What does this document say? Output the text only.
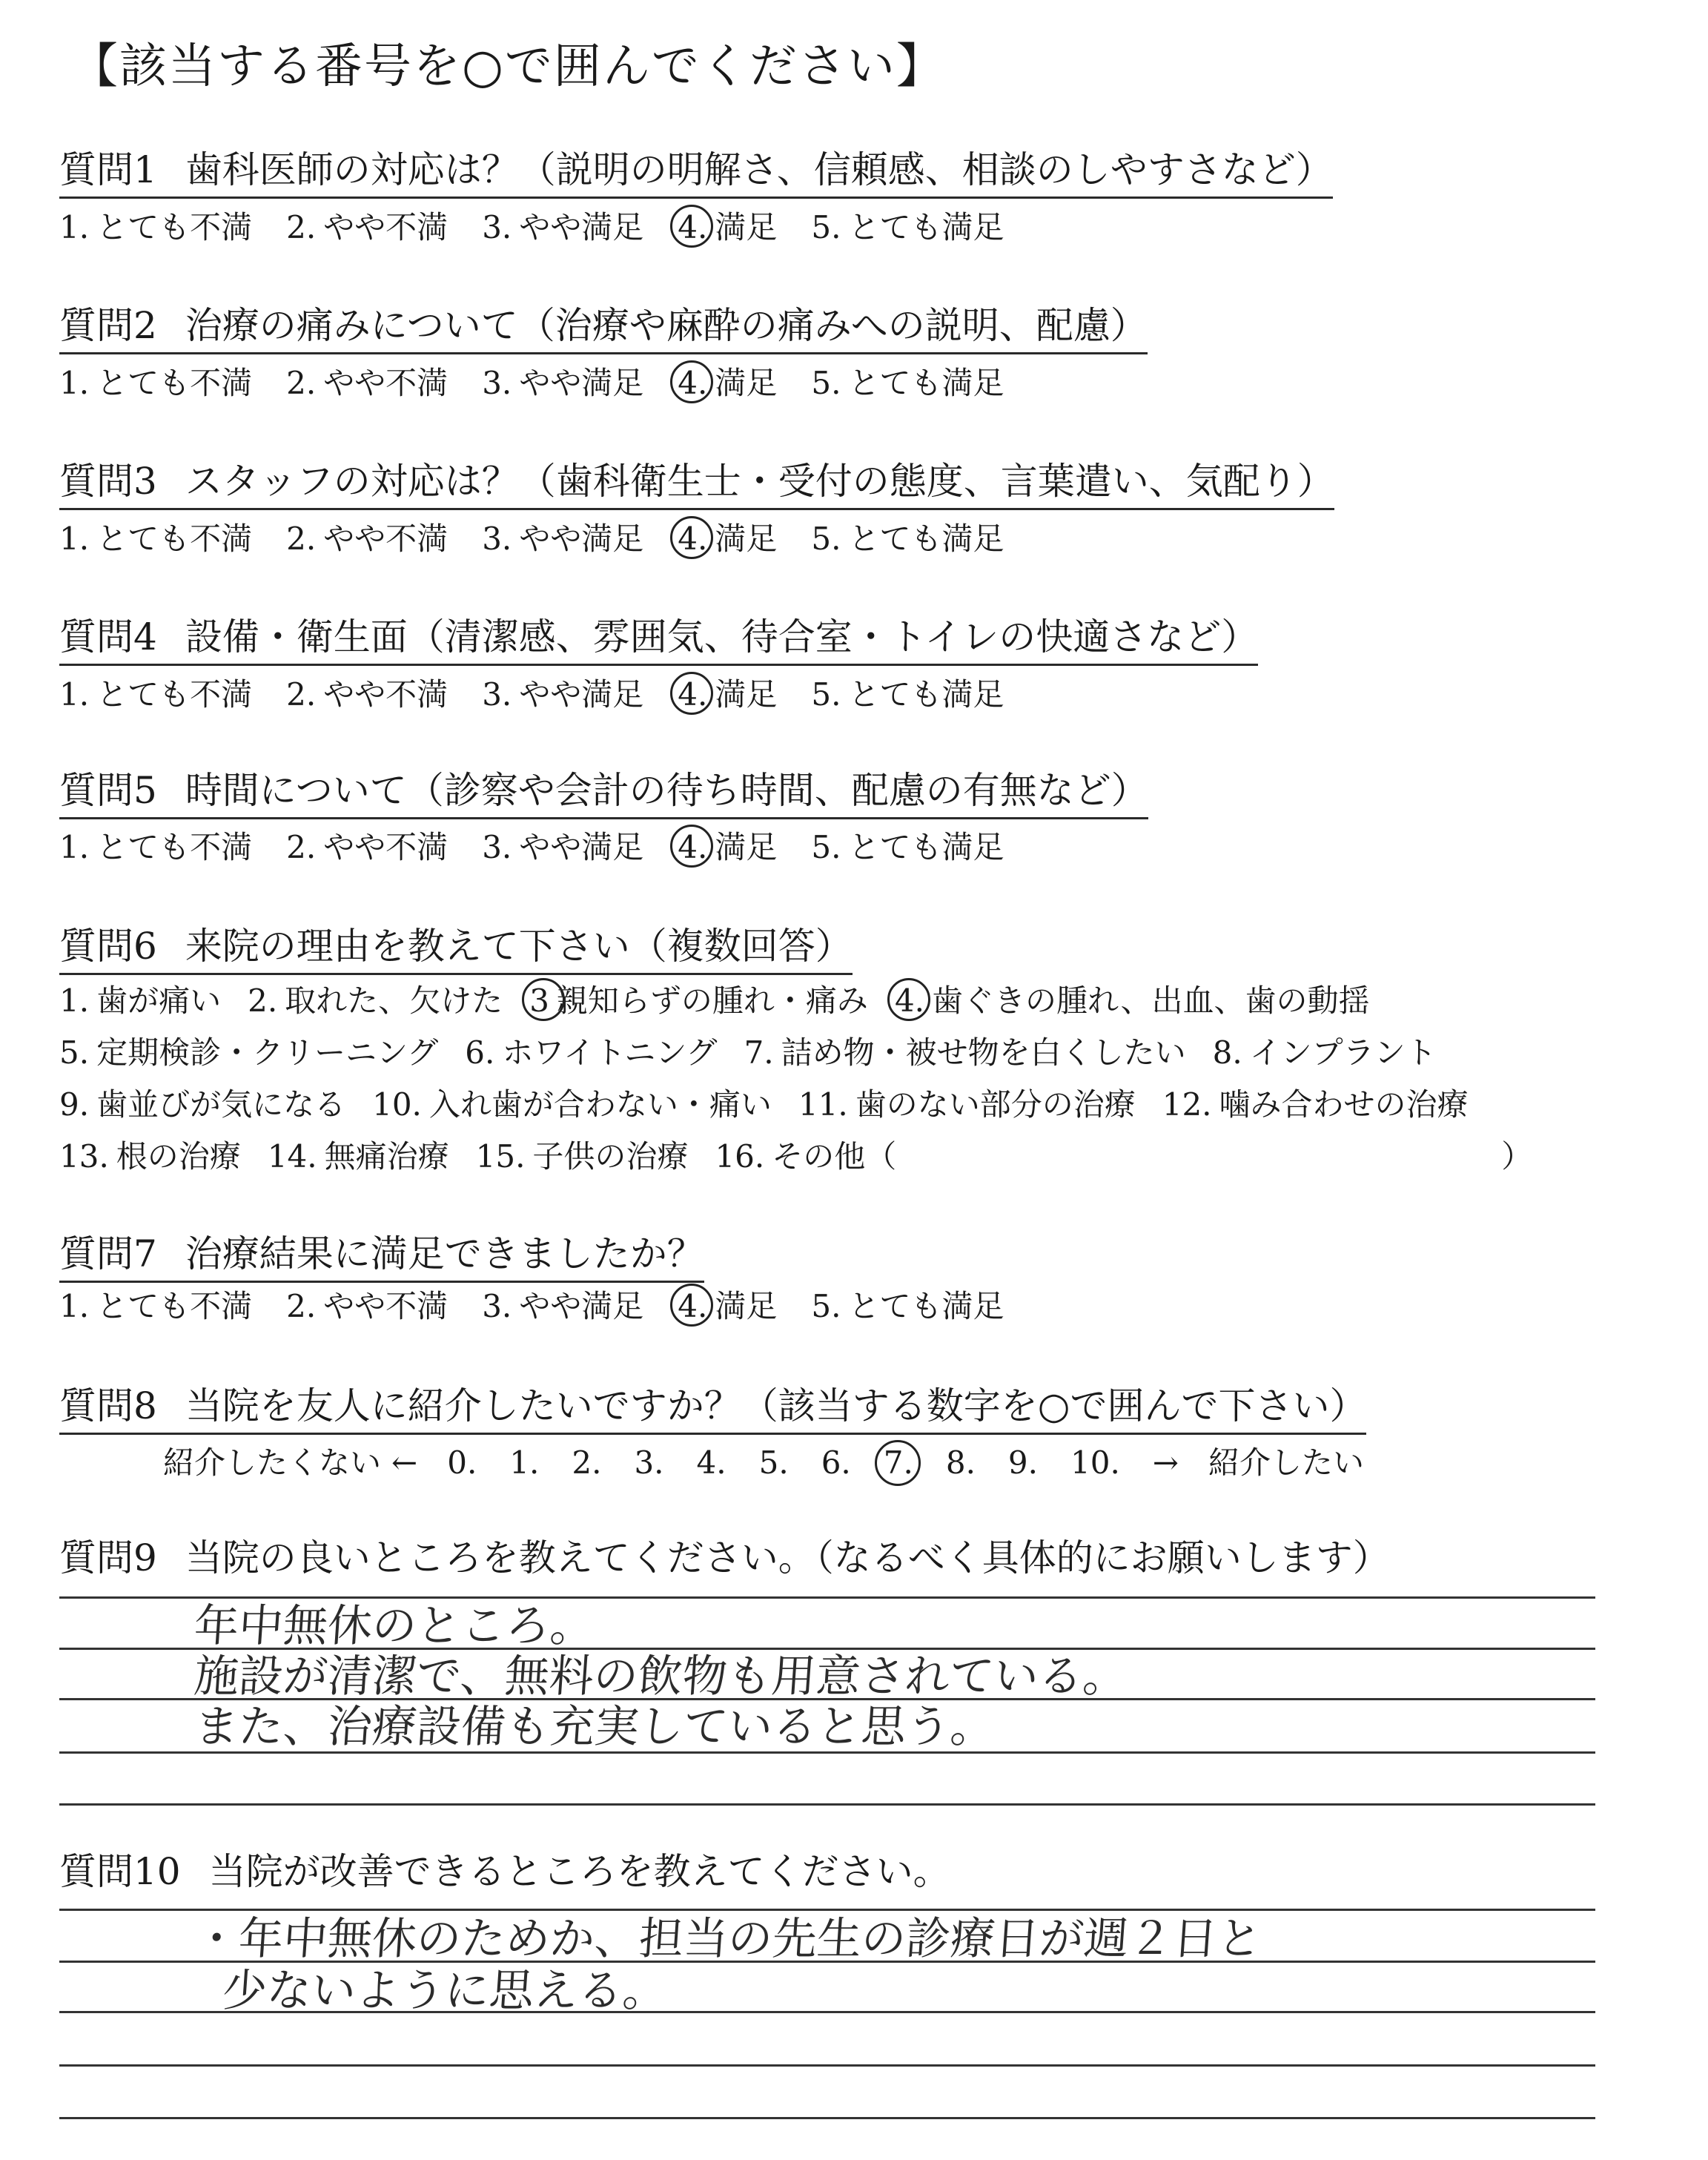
【該当する番号を○で囲んでください】
質問1 歯科医師の対応は？（説明の明解さ、信頼感、相談のしやすさなど）
1. とても不満 2. やや不満 3. やや満足 4. 満足 5. とても満足
質問2 治療の痛みについて（治療や麻酔の痛みへの説明、配慮）
1. とても不満 2. やや不満 3. やや満足 4. 満足 5. とても満足
質問3 スタッフの対応は？（歯科衛生士・受付の態度、言葉遣い、気配り）
1. とても不満 2. やや不満 3. やや満足 4. 満足 5. とても満足
質問4 設備・衛生面（清潔感、雰囲気、待合室・トイレの快適さなど）
1. とても不満 2. やや不満 3. やや満足 4. 満足 5. とても満足
質問5 時間について（診察や会計の待ち時間、配慮の有無など）
1. とても不満 2. やや不満 3. やや満足 4. 満足 5. とても満足
質問6 来院の理由を教えて下さい（複数回答）
1. 歯が痛い 2. 取れた、欠けた 3 親知らずの腫れ・痛み 4. 歯ぐきの腫れ、出血、歯の動揺
5. 定期検診・クリーニング 6. ホワイトニング 7. 詰め物・被せ物を白くしたい 8. インプラント
9. 歯並びが気になる 10. 入れ歯が合わない・痛い 11. 歯のない部分の治療 12. 噛み合わせの治療
13. 根の治療 14. 無痛治療 15. 子供の治療 16. その他（	）
質問7 治療結果に満足できましたか？
1. とても不満 2. やや不満 3. やや満足 4. 満足 5. とても満足
質問8 当院を友人に紹介したいですか？（該当する数字を○で囲んで下さい）
紹介したくない ← 0. 1. 2. 3. 4. 5. 6. 7. 8. 9. 10. → 紹介したい
質問9 当院の良いところを教えてください。（なるべく具体的にお願いします）
年中無休のところ。
施設が清潔で、無料の飲物も用意されている。
また、治療設備も充実していると思う。
質問10 当院が改善できるところを教えてください。
・年中無休のためか、担当の先生の診療日が週２日と
少ないように思える。
